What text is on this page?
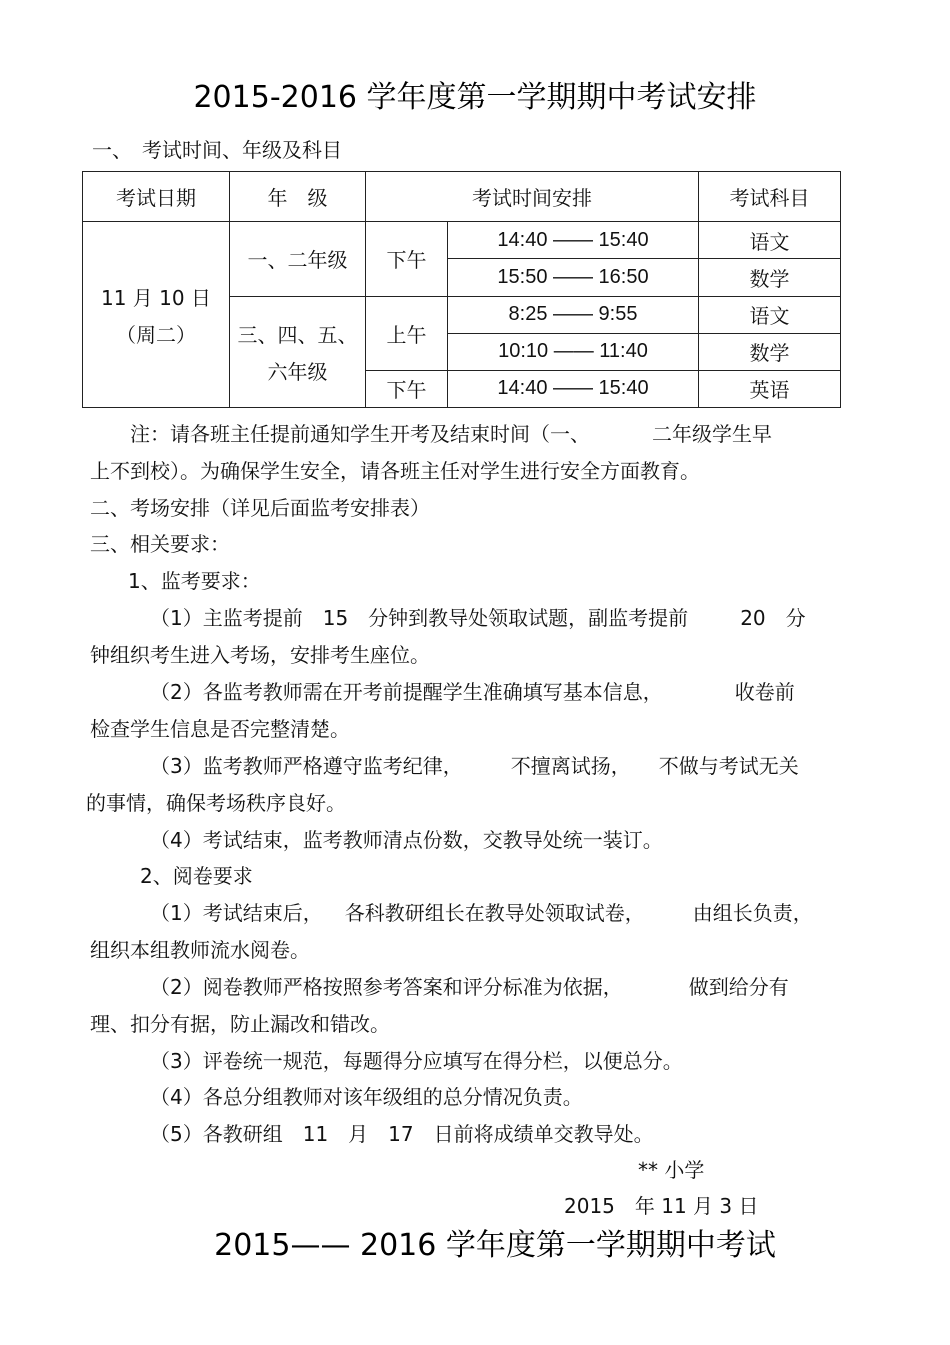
2015-2016 学年度第一学期期中考试安排
一、　考试时间、年级及科目
考试日期	年　级	考试时间安排		考试科目

11 月 10 日
（周二）	一、二年级	下午	14:40 —— 15:40	语文
			15:50 —— 16:50	数学

	三、四、五、
六年级	上午	8:25 —— 9:55	语文
			10:10 —— 11:40	数学
		下午	14:40 —— 15:40	英语
注：请各班主任提前通知学生开考及结束时间（一、	二年级学生早
上不到校）。为确保学生安全，请各班主任对学生进行安全方面教育。
二、考场安排（详见后面监考安排表）
三、相关要求：
1、监考要求：
（1）主监考提前　15　分钟到教导处领取试题，副监考提前	20　分
钟组织考生进入考场，安排考生座位。
（2）各监考教师需在开考前提醒学生准确填写基本信息，	收卷前
检查学生信息是否完整清楚。
（3）监考教师严格遵守监考纪律， 不擅离试扬， 不做与考试无关
的事情，确保考场秩序良好。
（4）考试结束，监考教师清点份数，交教导处统一装订。
2、阅卷要求
（1）考试结束后， 各科教研组长在教导处领取试卷， 由组长负责，
组织本组教师流水阅卷。
（2）阅卷教师严格按照参考答案和评分标准为依据，	做到给分有
理、扣分有据，防止漏改和错改。
（3）评卷统一规范，每题得分应填写在得分栏，以便总分。
（4）各总分组教师对该年级组的总分情况负责。
（5）各教研组　11　月　17　日前将成绩单交教导处。
** 小学
2015　年 11 月 3 日
2015—— 2016 学年度第一学期期中考试
